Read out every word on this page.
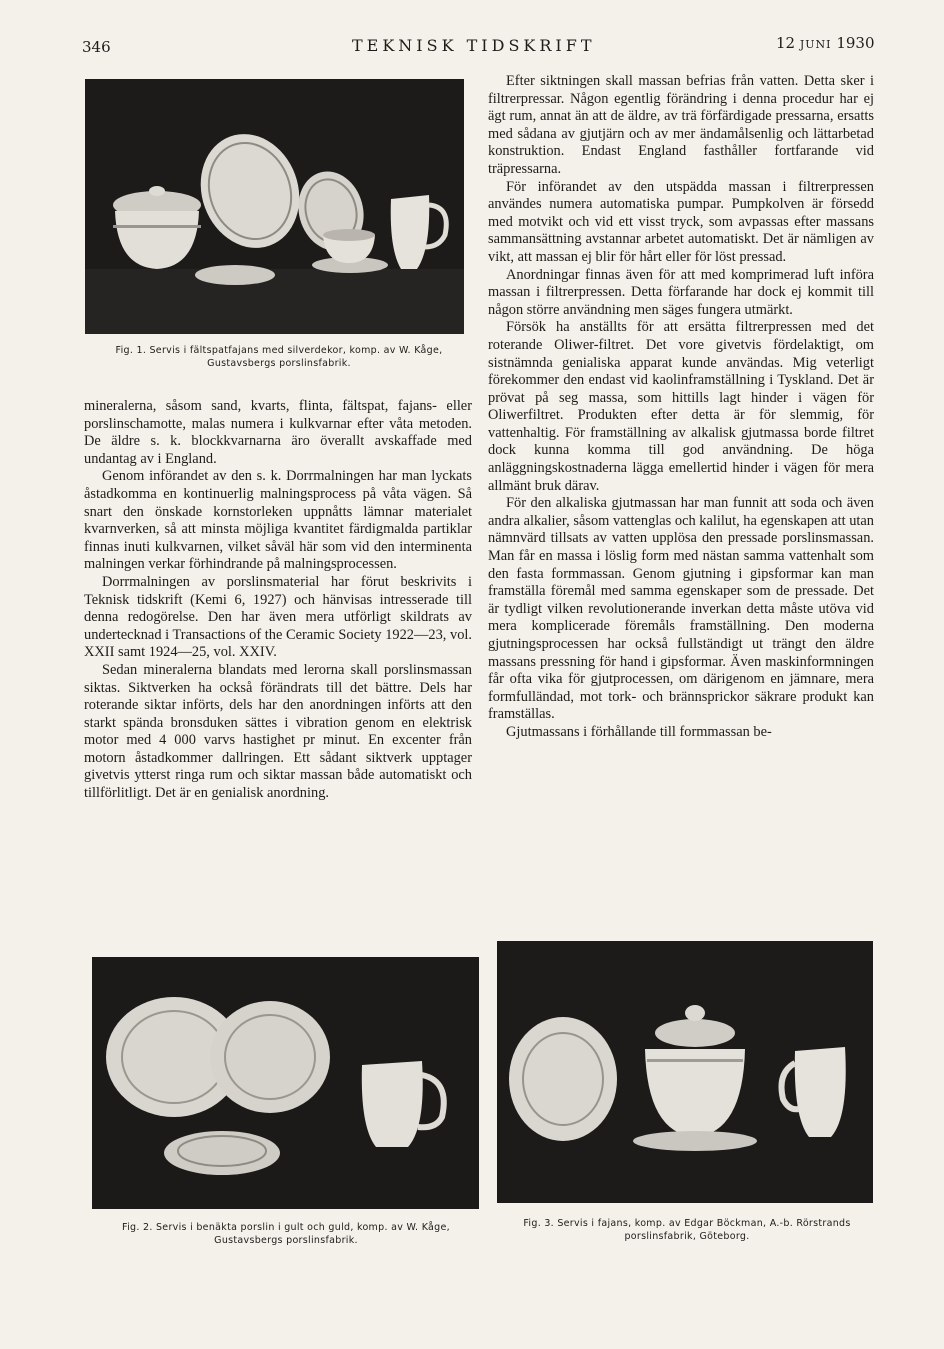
346	TEKNISK TIDSKRIFT	12 JUNI 1930
Fig. 1. Servis i fältspatfajans med silverdekor, komp. av W. Kåge, Gustavsbergs porslinsfabrik.

mineralerna, såsom sand, kvarts, flinta, fältspat, fajans- eller porslinschamotte, malas numera i kulkvarnar efter våta metoden. De äldre s. k. blockkvarnarna äro överallt avskaffade med undantag av i England.

Genom införandet av den s. k. Dorrmalningen har man lyckats åstadkomma en kontinuerlig malningsprocess på våta vägen. Så snart den önskade kornstorleken uppnåtts lämnar materialet kvarnverken, så att minsta möjliga kvantitet färdigmalda partiklar finnas inuti kulkvarnen, vilket såväl här som vid den interminenta malningen verkar förhindrande på malningsprocessen.

Dorrmalningen av porslinsmaterial har förut beskrivits i Teknisk tidskrift (Kemi 6, 1927) och hänvisas intresserade till denna redogörelse. Den har även mera utförligt skildrats av undertecknad i Transactions of the Ceramic Society 1922—23, vol. XXII samt 1924—25, vol. XXIV.

Sedan mineralerna blandats med lerorna skall porslinsmassan siktas. Siktverken ha också förändrats till det bättre. Dels har roterande siktar införts, dels har den anordningen införts att den starkt spända bronsduken sättes i vibration genom en elektrisk motor med 4 000 varvs hastighet pr minut. En excenter från motorn åstadkommer dallringen. Ett sådant siktverk upptager givetvis ytterst ringa rum och siktar massan både automatiskt och tillförlitligt. Det är en genialisk anordning.

Efter siktningen skall massan befrias från vatten. Detta sker i filtrerpressar. Någon egentlig förändring i denna procedur har ej ägt rum, annat än att de äldre, av trä förfärdigade pressarna, ersatts med sådana av gjutjärn och av mer ändamålsenlig och lättarbetad konstruktion. Endast England fasthåller fortfarande vid träpressarna.

För införandet av den utspädda massan i filtrerpressen användes numera automatiska pumpar. Pumpkolven är försedd med motvikt och vid ett visst tryck, som avpassas efter massans sammansättning avstannar arbetet automatiskt. Det är nämligen av vikt, att massan ej blir för hårt eller för löst pressad.

Anordningar finnas även för att med komprimerad luft införa massan i filtrerpressen. Detta förfarande har dock ej kommit till någon större användning men säges fungera utmärkt.

Försök ha anställts för att ersätta filtrerpressen med det roterande Oliwer-filtret. Det vore givetvis fördelaktigt, om sistnämnda genialiska apparat kunde användas. Mig veterligt förekommer den endast vid kaolinframställning i Tyskland. Det är prövat på seg massa, som hittills lagt hinder i vägen för Oliwerfiltret. Produkten efter detta är för slemmig, för vattenhaltig. För framställning av alkalisk gjutmassa borde filtret dock kunna komma till god användning. De höga anläggningskostnaderna lägga emellertid hinder i vägen för mera allmänt bruk därav.

För den alkaliska gjutmassan har man funnit att soda och även andra alkalier, såsom vattenglas och kalilut, ha egenskapen att utan nämnvärd tillsats av vatten upplösa den pressade porslinsmassan. Man får en massa i löslig form med nästan samma vattenhalt som den fasta formmassan. Genom gjutning i gipsformar kan man framställa föremål med samma egenskaper som de pressade. Det är tydligt vilken revolutionerande inverkan detta måste utöva vid mera komplicerade föremåls framställning. Den moderna gjutningsprocessen har också fullständigt ut trängt den äldre massans pressning för hand i gipsformar. Även maskinformningen får ofta vika för gjutprocessen, om därigenom en jämnare, mera formfulländad, mot tork- och brännsprickor säkrare produkt kan framställas.

Gjutmassans i förhållande till formmassan be-

Fig. 2. Servis i benäkta porslin i gult och guld, komp. av W. Kåge, Gustavsbergs porslinsfabrik.
Fig. 3. Servis i fajans, komp. av Edgar Böckman, A.-b. Rörstrands porslinsfabrik, Göteborg.
